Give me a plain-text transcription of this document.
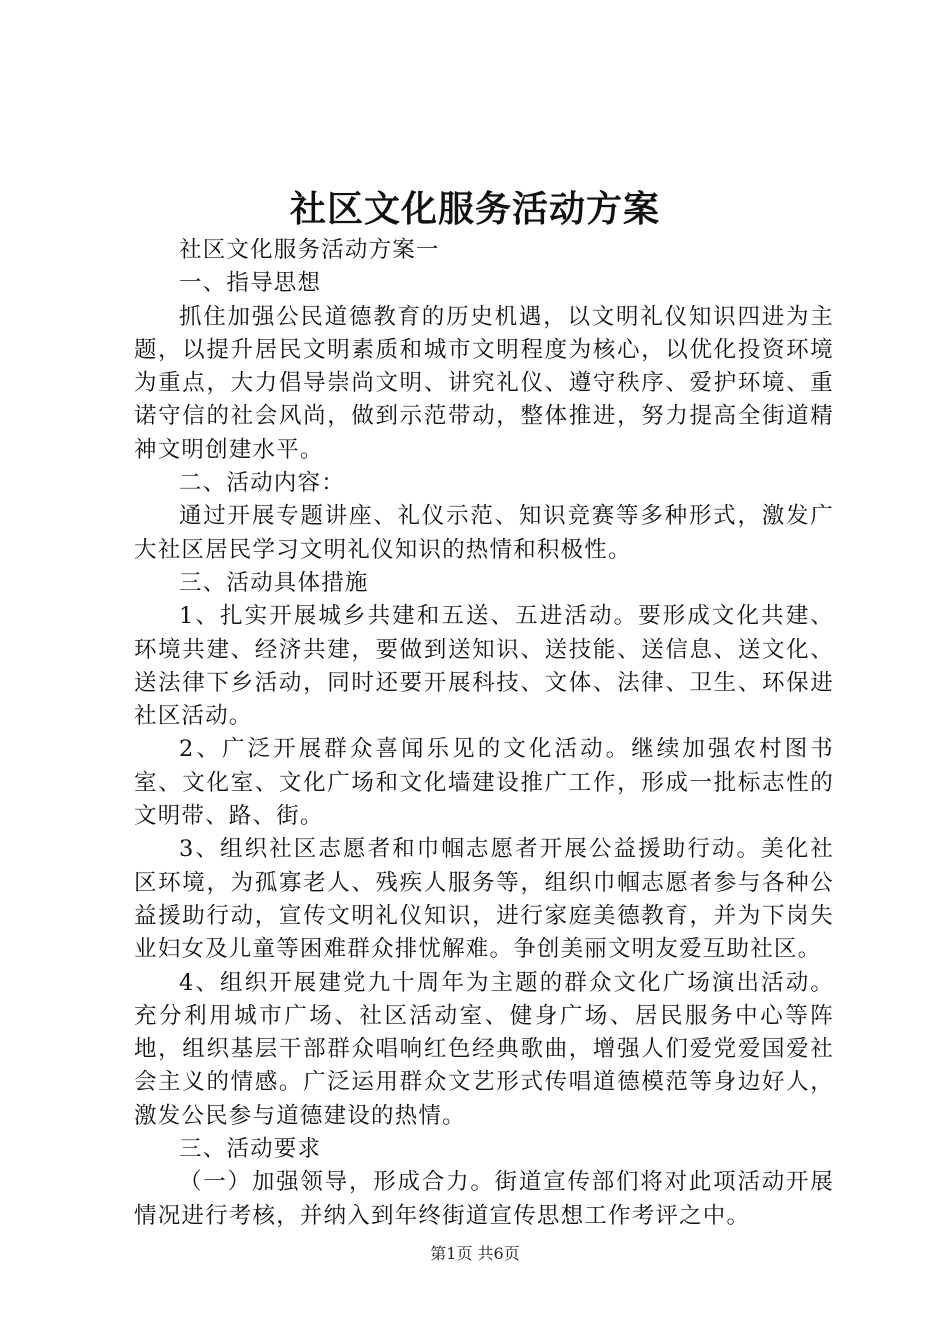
社区文化服务活动方案

社区文化服务活动方案一

一、指导思想

抓住加强公民道德教育的历史机遇，以文明礼仪知识四进为主题，以提升居民文明素质和城市文明程度为核心，以优化投资环境为重点，大力倡导崇尚文明、讲究礼仪、遵守秩序、爱护环境、重诺守信的社会风尚，做到示范带动，整体推进，努力提高全街道精神文明创建水平。

二、活动内容：

通过开展专题讲座、礼仪示范、知识竞赛等多种形式，激发广大社区居民学习文明礼仪知识的热情和积极性。

三、活动具体措施

1、扎实开展城乡共建和五送、五进活动。要形成文化共建、环境共建、经济共建，要做到送知识、送技能、送信息、送文化、送法律下乡活动，同时还要开展科技、文体、法律、卫生、环保进社区活动。

2、广泛开展群众喜闻乐见的文化活动。继续加强农村图书室、文化室、文化广场和文化墙建设推广工作，形成一批标志性的文明带、路、街。

3、组织社区志愿者和巾帼志愿者开展公益援助行动。美化社区环境，为孤寡老人、残疾人服务等，组织巾帼志愿者参与各种公益援助行动，宣传文明礼仪知识，进行家庭美德教育，并为下岗失业妇女及儿童等困难群众排忧解难。争创美丽文明友爱互助社区。

4、组织开展建党九十周年为主题的群众文化广场演出活动。充分利用城市广场、社区活动室、健身广场、居民服务中心等阵地，组织基层干部群众唱响红色经典歌曲，增强人们爱党爱国爱社会主义的情感。广泛运用群众文艺形式传唱道德模范等身边好人，激发公民参与道德建设的热情。

三、活动要求

（一）加强领导，形成合力。街道宣传部们将对此项活动开展情况进行考核，并纳入到年终街道宣传思想工作考评之中。

第1页 共6页
